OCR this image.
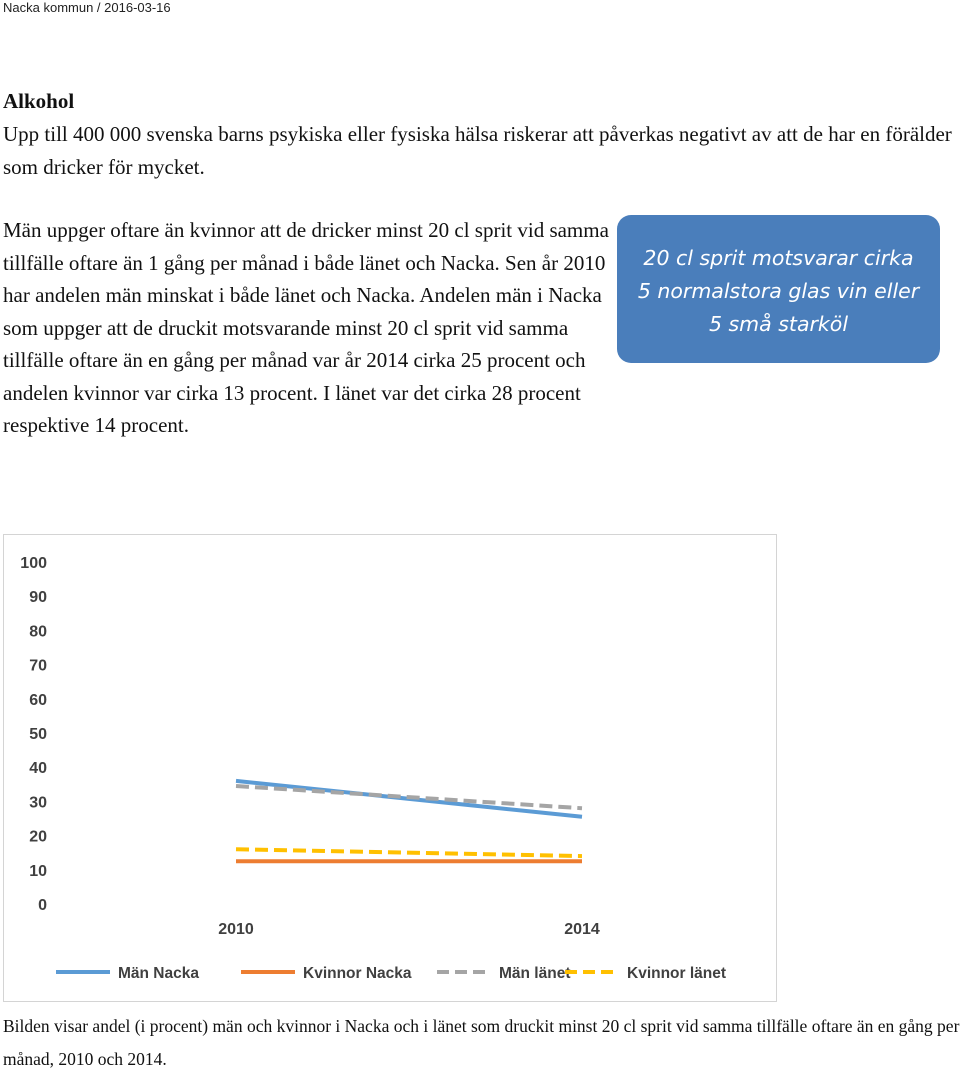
Nacka kommun / 2016-03-16
Alkohol
Upp till 400 000 svenska barns psykiska eller fysiska hälsa riskerar att påverkas negativt av att de har en förälder som dricker för mycket.
Män uppger oftare än kvinnor att de dricker minst 20 cl sprit vid samma tillfälle oftare än 1 gång per månad i både länet och Nacka. Sen år 2010 har andelen män minskat i både länet och Nacka. Andelen män i Nacka som uppger att de druckit motsvarande minst 20 cl sprit vid samma tillfälle oftare än en gång per månad var år 2014 cirka 25 procent och andelen kvinnor var cirka 13 procent. I länet var det cirka 28 procent respektive 14 procent.
20 cl sprit motsvarar cirka
5 normalstora glas vin eller
5 små starköl
0
10
20
30
40
50
60
70
80
90
100
2010	2014
Män Nacka	Kvinnor Nacka	Män länet	Kvinnor länet
Bilden visar andel (i procent) män och kvinnor i Nacka och i länet som druckit minst 20 cl sprit vid samma tillfälle oftare än en gång per månad, 2010 och 2014.
